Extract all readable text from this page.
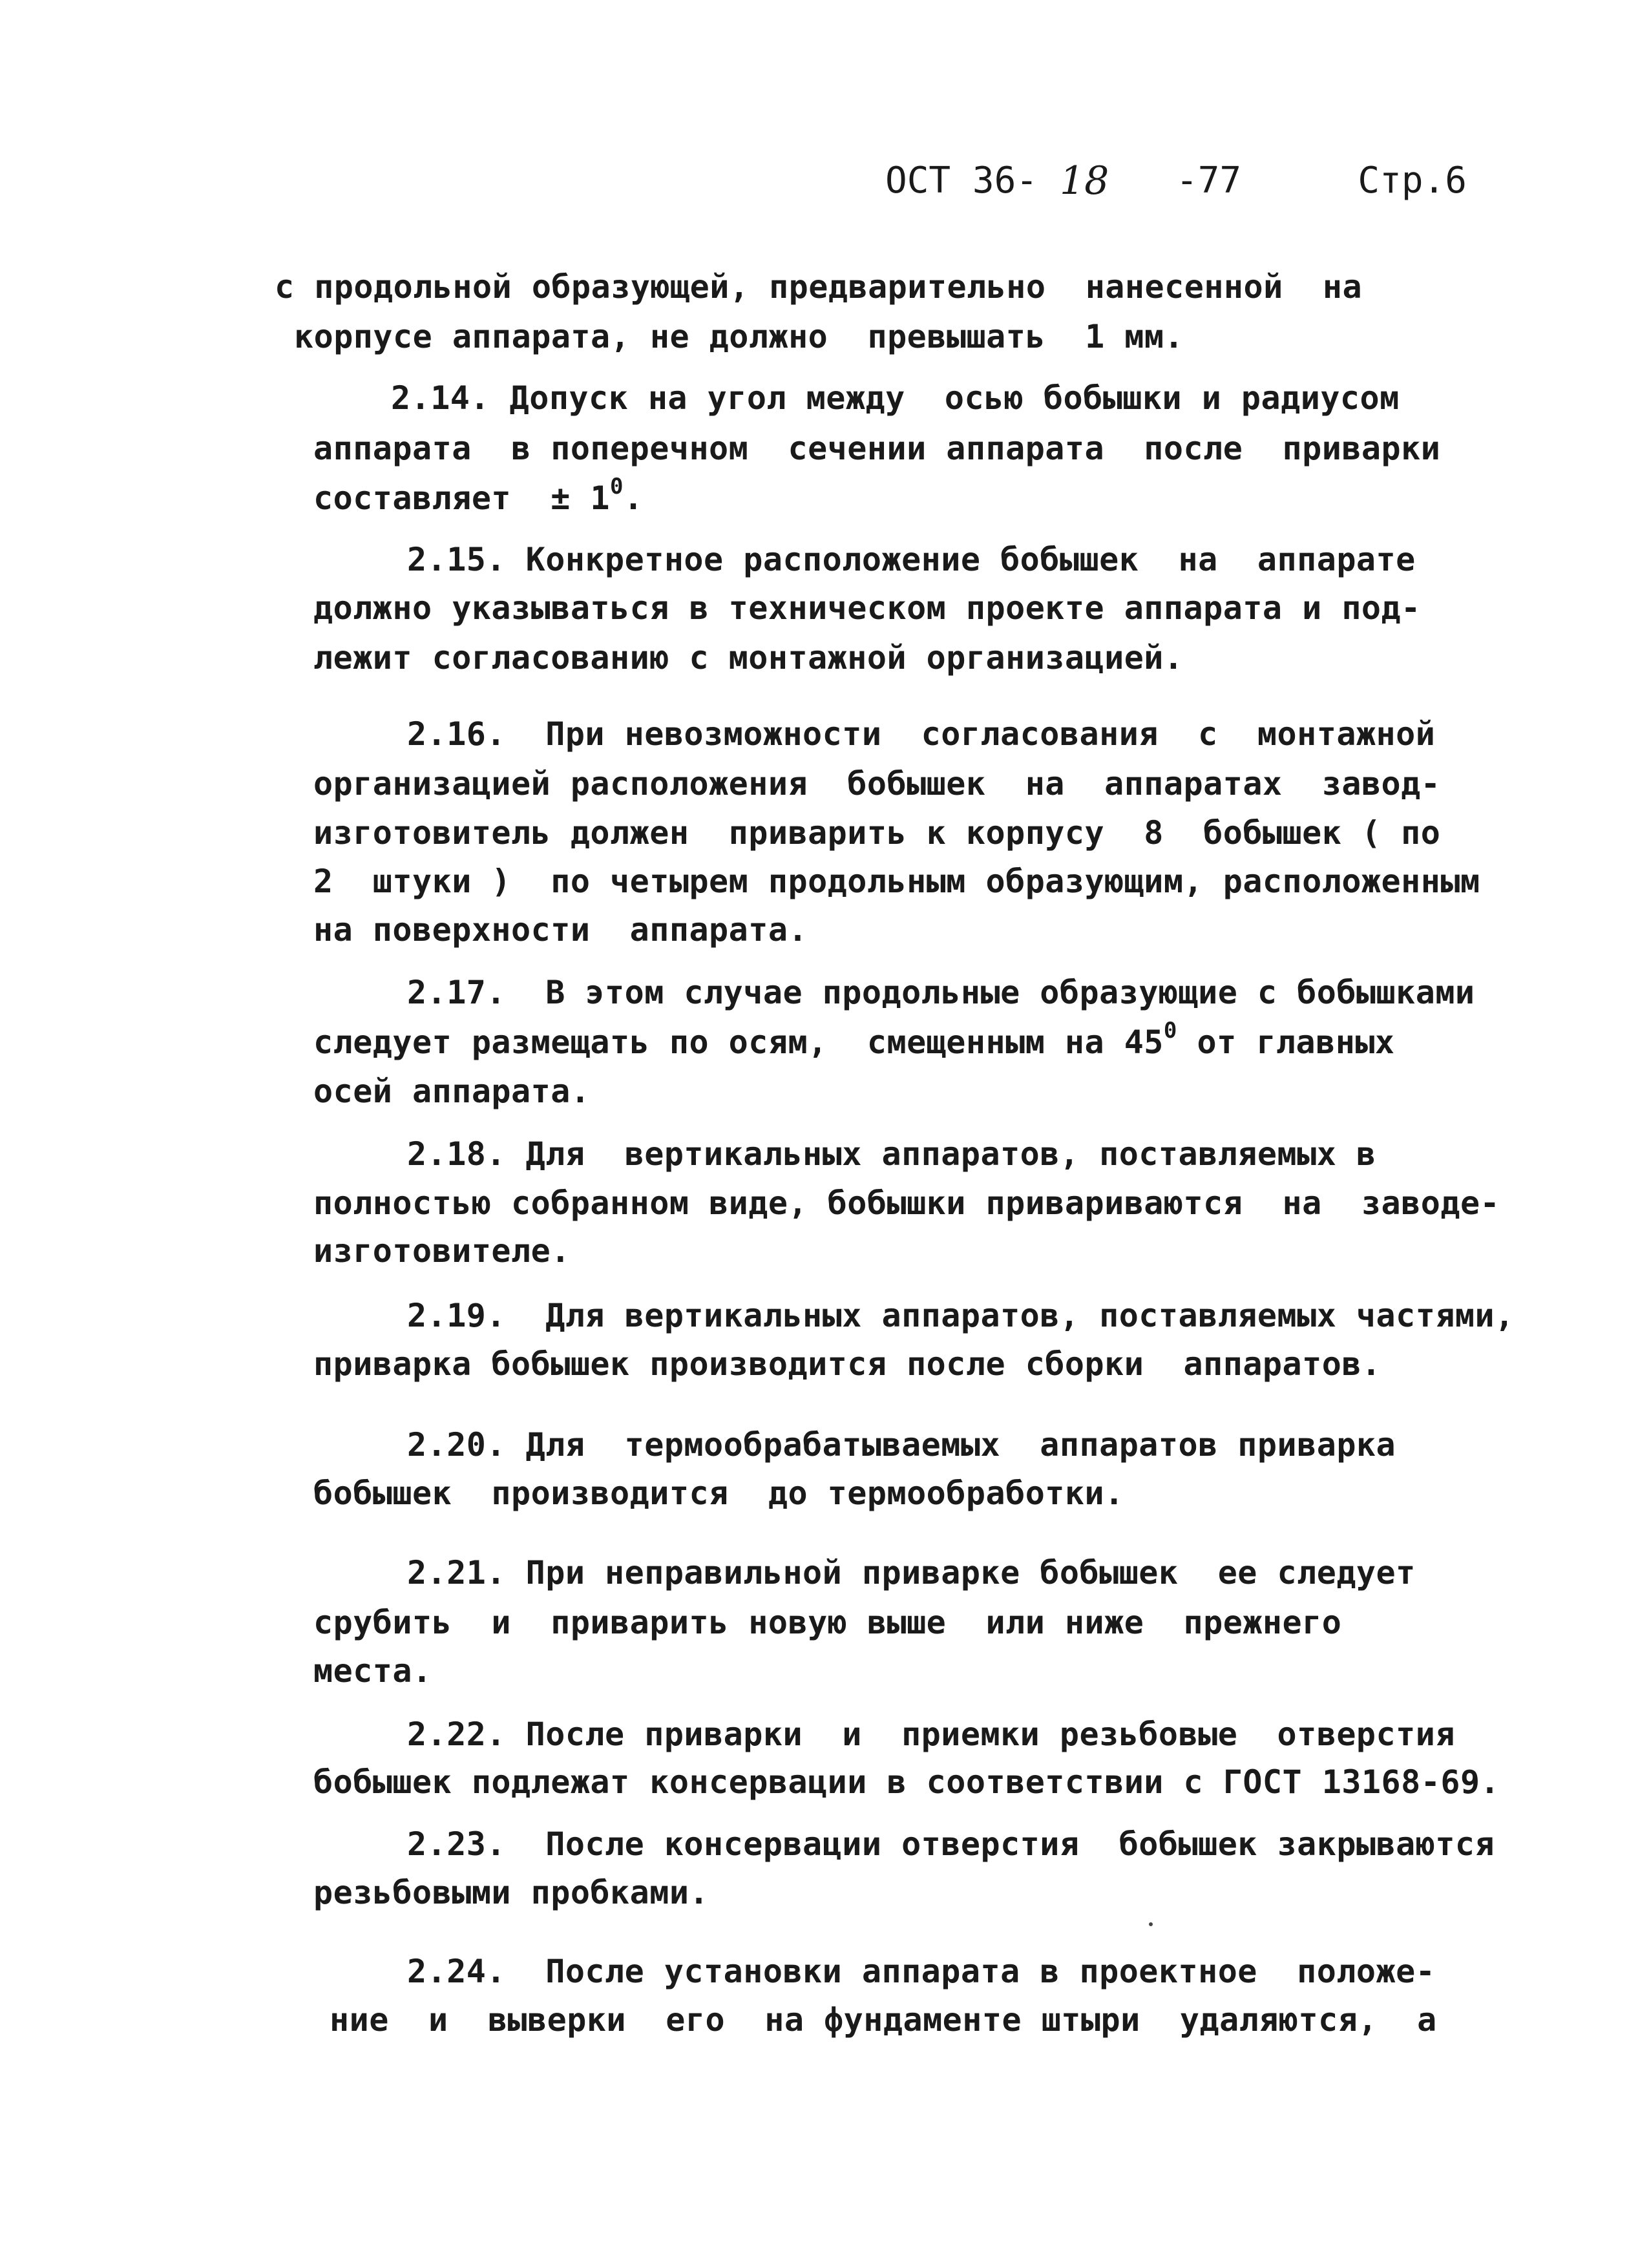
ОСТ 36- 18 -77	Стр.6
с продольной образующей, предварительно  нанесенной  на
корпусе аппарата, не должно  превышать  1 мм.
2.14. Допуск на угол между  осью бобышки и радиусом
аппарата  в поперечном  сечении аппарата  после  приварки
составляет  ± $1^0$.
2.15. Конкретное расположение бобышек  на  аппарате
должно указываться в техническом проекте аппарата и под-
лежит согласованию с монтажной организацией.
2.16.  При невозможности  согласования  с  монтажной
организацией расположения  бобышек  на  аппаратах  завод-
изготовитель должен  приварить к корпусу  8  бобышек ( по
2  штуки )  по четырем продольным образующим, расположенным
на поверхности  аппарата.
2.17.  В этом случае продольные образующие с бобышками
следует размещать по осям,  смещенным на $45^0$ от главных
осей аппарата.
2.18. Для  вертикальных аппаратов, поставляемых в
полностью собранном виде, бобышки привариваются  на  заводе-
изготовителе.
2.19.  Для вертикальных аппаратов, поставляемых частями,
приварка бобышек производится после сборки  аппаратов.
2.20. Для  термообрабатываемых  аппаратов приварка
бобышек  производится  до термообработки.
2.21. При неправильной приварке бобышек  ее следует
срубить  и  приварить новую выше  или ниже  прежнего
места.
2.22. После приварки  и  приемки резьбовые  отверстия
бобышек подлежат консервации в соответствии с ГОСТ 13168-69.
2.23.  После консервации отверстия  бобышек закрываются
резьбовыми пробками.
2.24.  После установки аппарата в проектное  положе-
ние  и  выверки  его  на фундаменте штыри  удаляются,  а
